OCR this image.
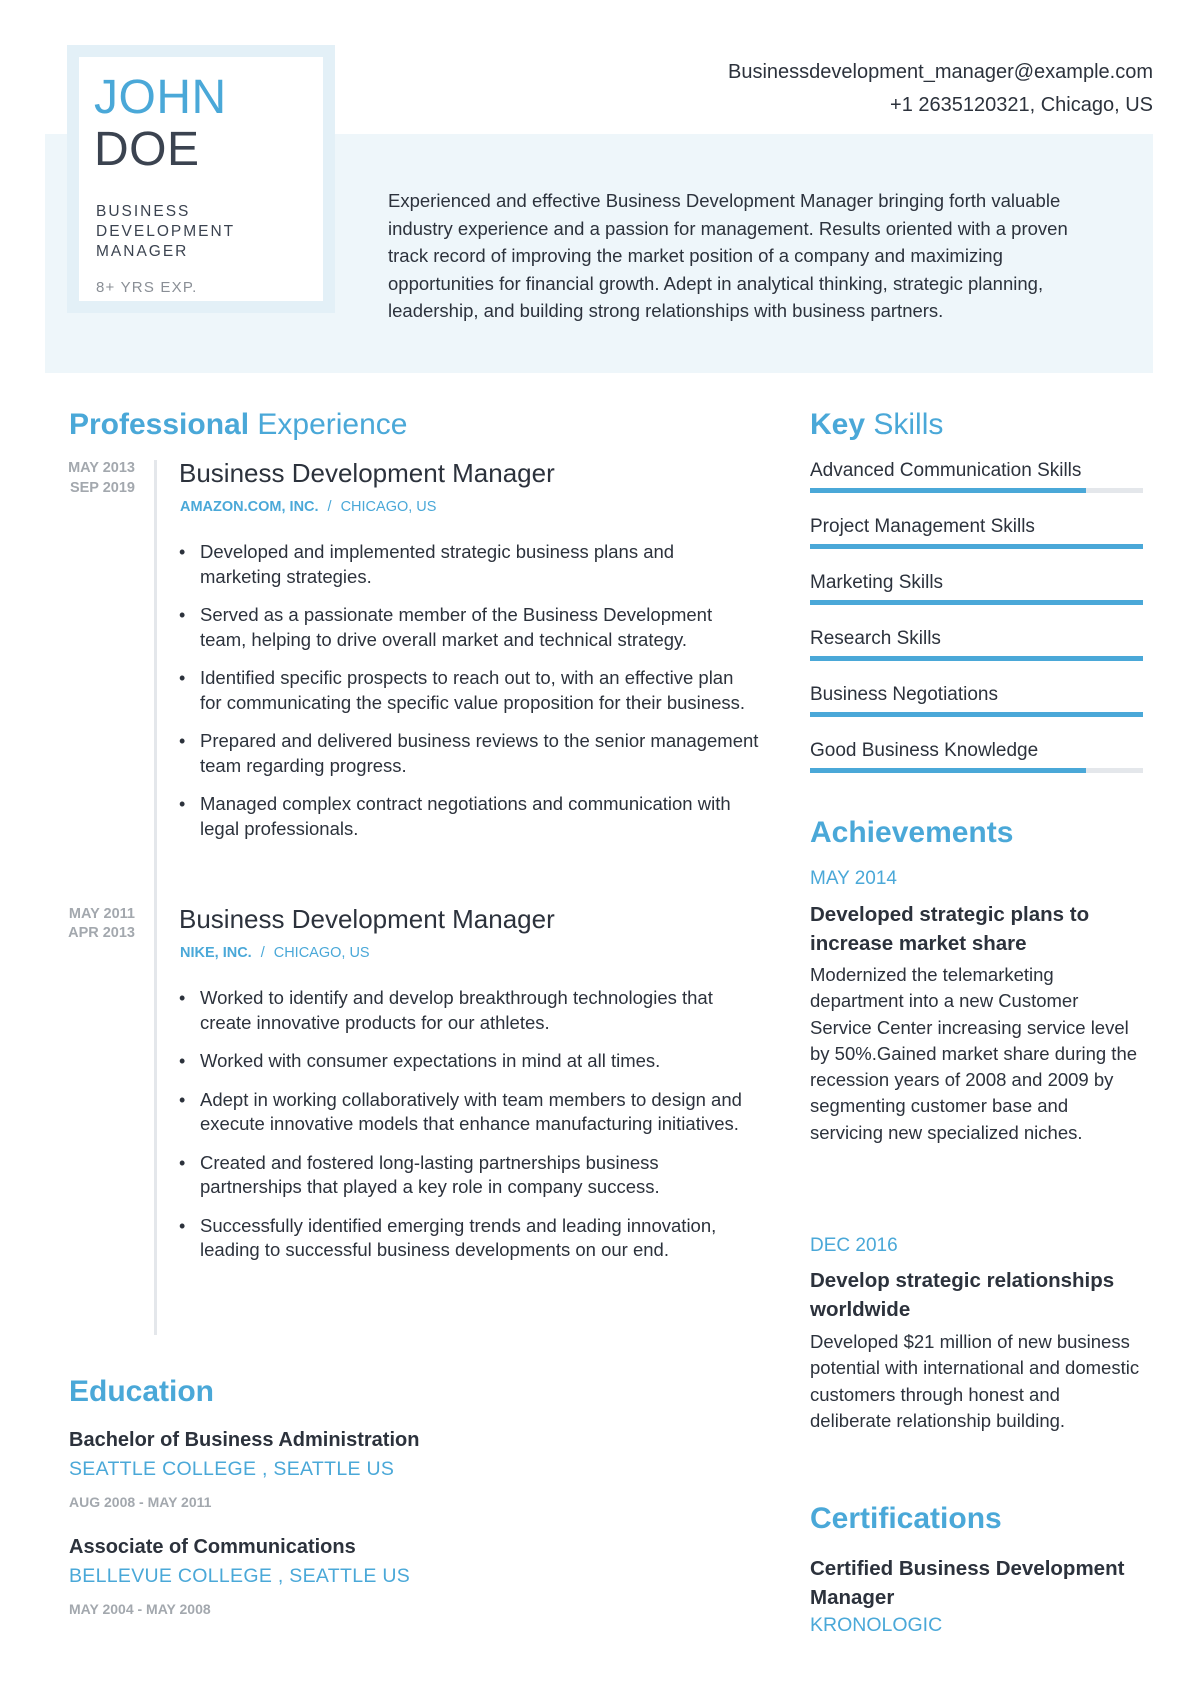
JOHN
DOE
BUSINESS
DEVELOPMENT
MANAGER
8+ YRS EXP.
Businessdevelopment_manager@example.com
+1 2635120321, Chicago, US
Experienced and effective Business Development Manager bringing forth valuable industry experience and a passion for management. Results oriented with a proven track record of improving the market position of a company and maximizing opportunities for financial growth. Adept in analytical thinking, strategic planning, leadership, and building strong relationships with business partners.
Professional Experience
MAY 2013
SEP 2019 Business Development Manager
AMAZON.COM, INC. / CHICAGO, US
• Developed and implemented strategic business plans and marketing strategies.
• Served as a passionate member of the Business Development team, helping to drive overall market and technical strategy.
• Identified specific prospects to reach out to, with an effective plan for communicating the specific value proposition for their business.
• Prepared and delivered business reviews to the senior management team regarding progress.
• Managed complex contract negotiations and communication with legal professionals.
MAY 2011
APR 2013 Business Development Manager
NIKE, INC. / CHICAGO, US
• Worked to identify and develop breakthrough technologies that create innovative products for our athletes.
• Worked with consumer expectations in mind at all times.
• Adept in working collaboratively with team members to design and execute innovative models that enhance manufacturing initiatives.
• Created and fostered long-lasting partnerships business partnerships that played a key role in company success.
• Successfully identified emerging trends and leading innovation, leading to successful business developments on our end.
Education
Bachelor of Business Administration
SEATTLE COLLEGE , SEATTLE US
AUG 2008 - MAY 2011
Associate of Communications
BELLEVUE COLLEGE , SEATTLE US
MAY 2004 - MAY 2008
Key Skills
Advanced Communication Skills
Project Management Skills
Marketing Skills
Research Skills
Business Negotiations
Good Business Knowledge
Achievements
MAY 2014
Developed strategic plans to increase market share
Modernized the telemarketing department into a new Customer Service Center increasing service level by 50%.Gained market share during the recession years of 2008 and 2009 by segmenting customer base and servicing new specialized niches.
DEC 2016
Develop strategic relationships worldwide
Developed $21 million of new business potential with international and domestic customers through honest and deliberate relationship building.
Certifications
Certified Business Development Manager
KRONOLOGIC
